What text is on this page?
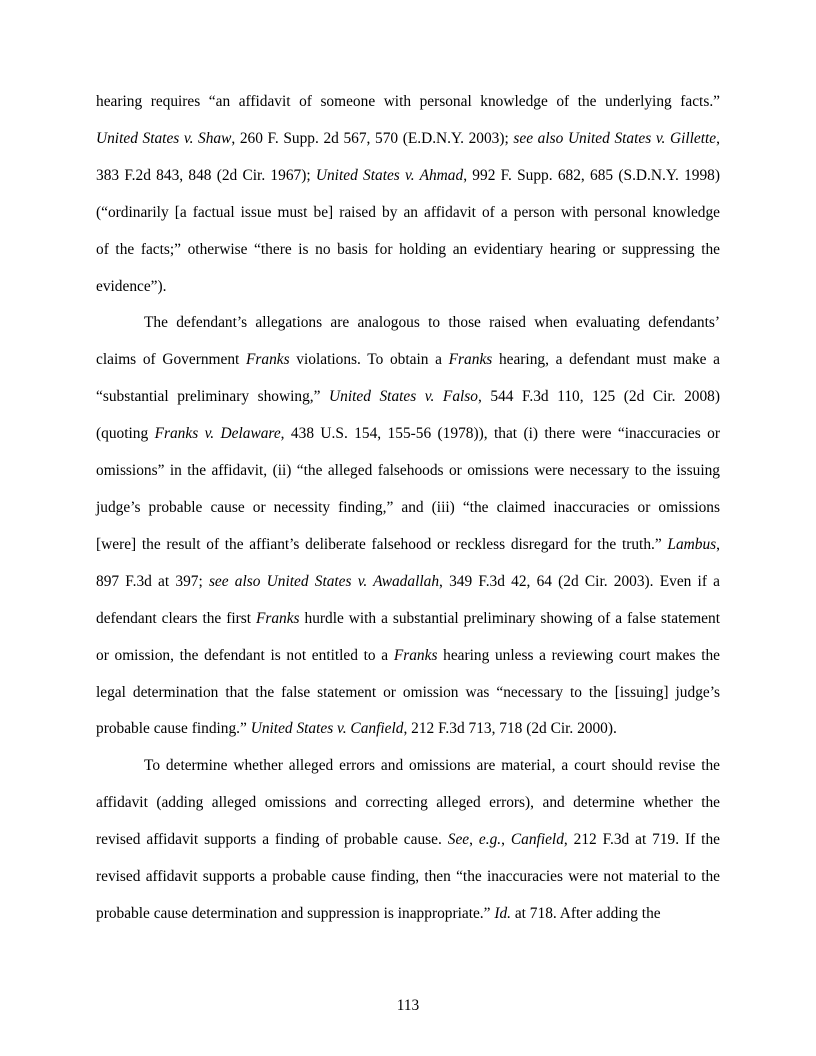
hearing requires “an affidavit of someone with personal knowledge of the underlying facts.”
United States v. Shaw, 260 F. Supp. 2d 567, 570 (E.D.N.Y. 2003); see also United States v. Gillette,
383 F.2d 843, 848 (2d Cir. 1967); United States v. Ahmad, 992 F. Supp. 682, 685 (S.D.N.Y. 1998)
(“ordinarily [a factual issue must be] raised by an affidavit of a person with personal knowledge
of the facts;” otherwise “there is no basis for holding an evidentiary hearing or suppressing the
evidence”).

The defendant’s allegations are analogous to those raised when evaluating defendants’
claims of Government Franks violations. To obtain a Franks hearing, a defendant must make a
“substantial preliminary showing,” United States v. Falso, 544 F.3d 110, 125 (2d Cir. 2008)
(quoting Franks v. Delaware, 438 U.S. 154, 155-56 (1978)), that (i) there were “inaccuracies or
omissions” in the affidavit, (ii) “the alleged falsehoods or omissions were necessary to the issuing
judge’s probable cause or necessity finding,” and (iii) “the claimed inaccuracies or omissions
[were] the result of the affiant’s deliberate falsehood or reckless disregard for the truth.” Lambus,
897 F.3d at 397; see also United States v. Awadallah, 349 F.3d 42, 64 (2d Cir. 2003). Even if a
defendant clears the first Franks hurdle with a substantial preliminary showing of a false statement
or omission, the defendant is not entitled to a Franks hearing unless a reviewing court makes the
legal determination that the false statement or omission was “necessary to the [issuing] judge’s
probable cause finding.” United States v. Canfield, 212 F.3d 713, 718 (2d Cir. 2000).

To determine whether alleged errors and omissions are material, a court should revise the
affidavit (adding alleged omissions and correcting alleged errors), and determine whether the
revised affidavit supports a finding of probable cause. See, e.g., Canfield, 212 F.3d at 719. If the
revised affidavit supports a probable cause finding, then “the inaccuracies were not material to the
probable cause determination and suppression is inappropriate.” Id. at 718. After adding the

113
